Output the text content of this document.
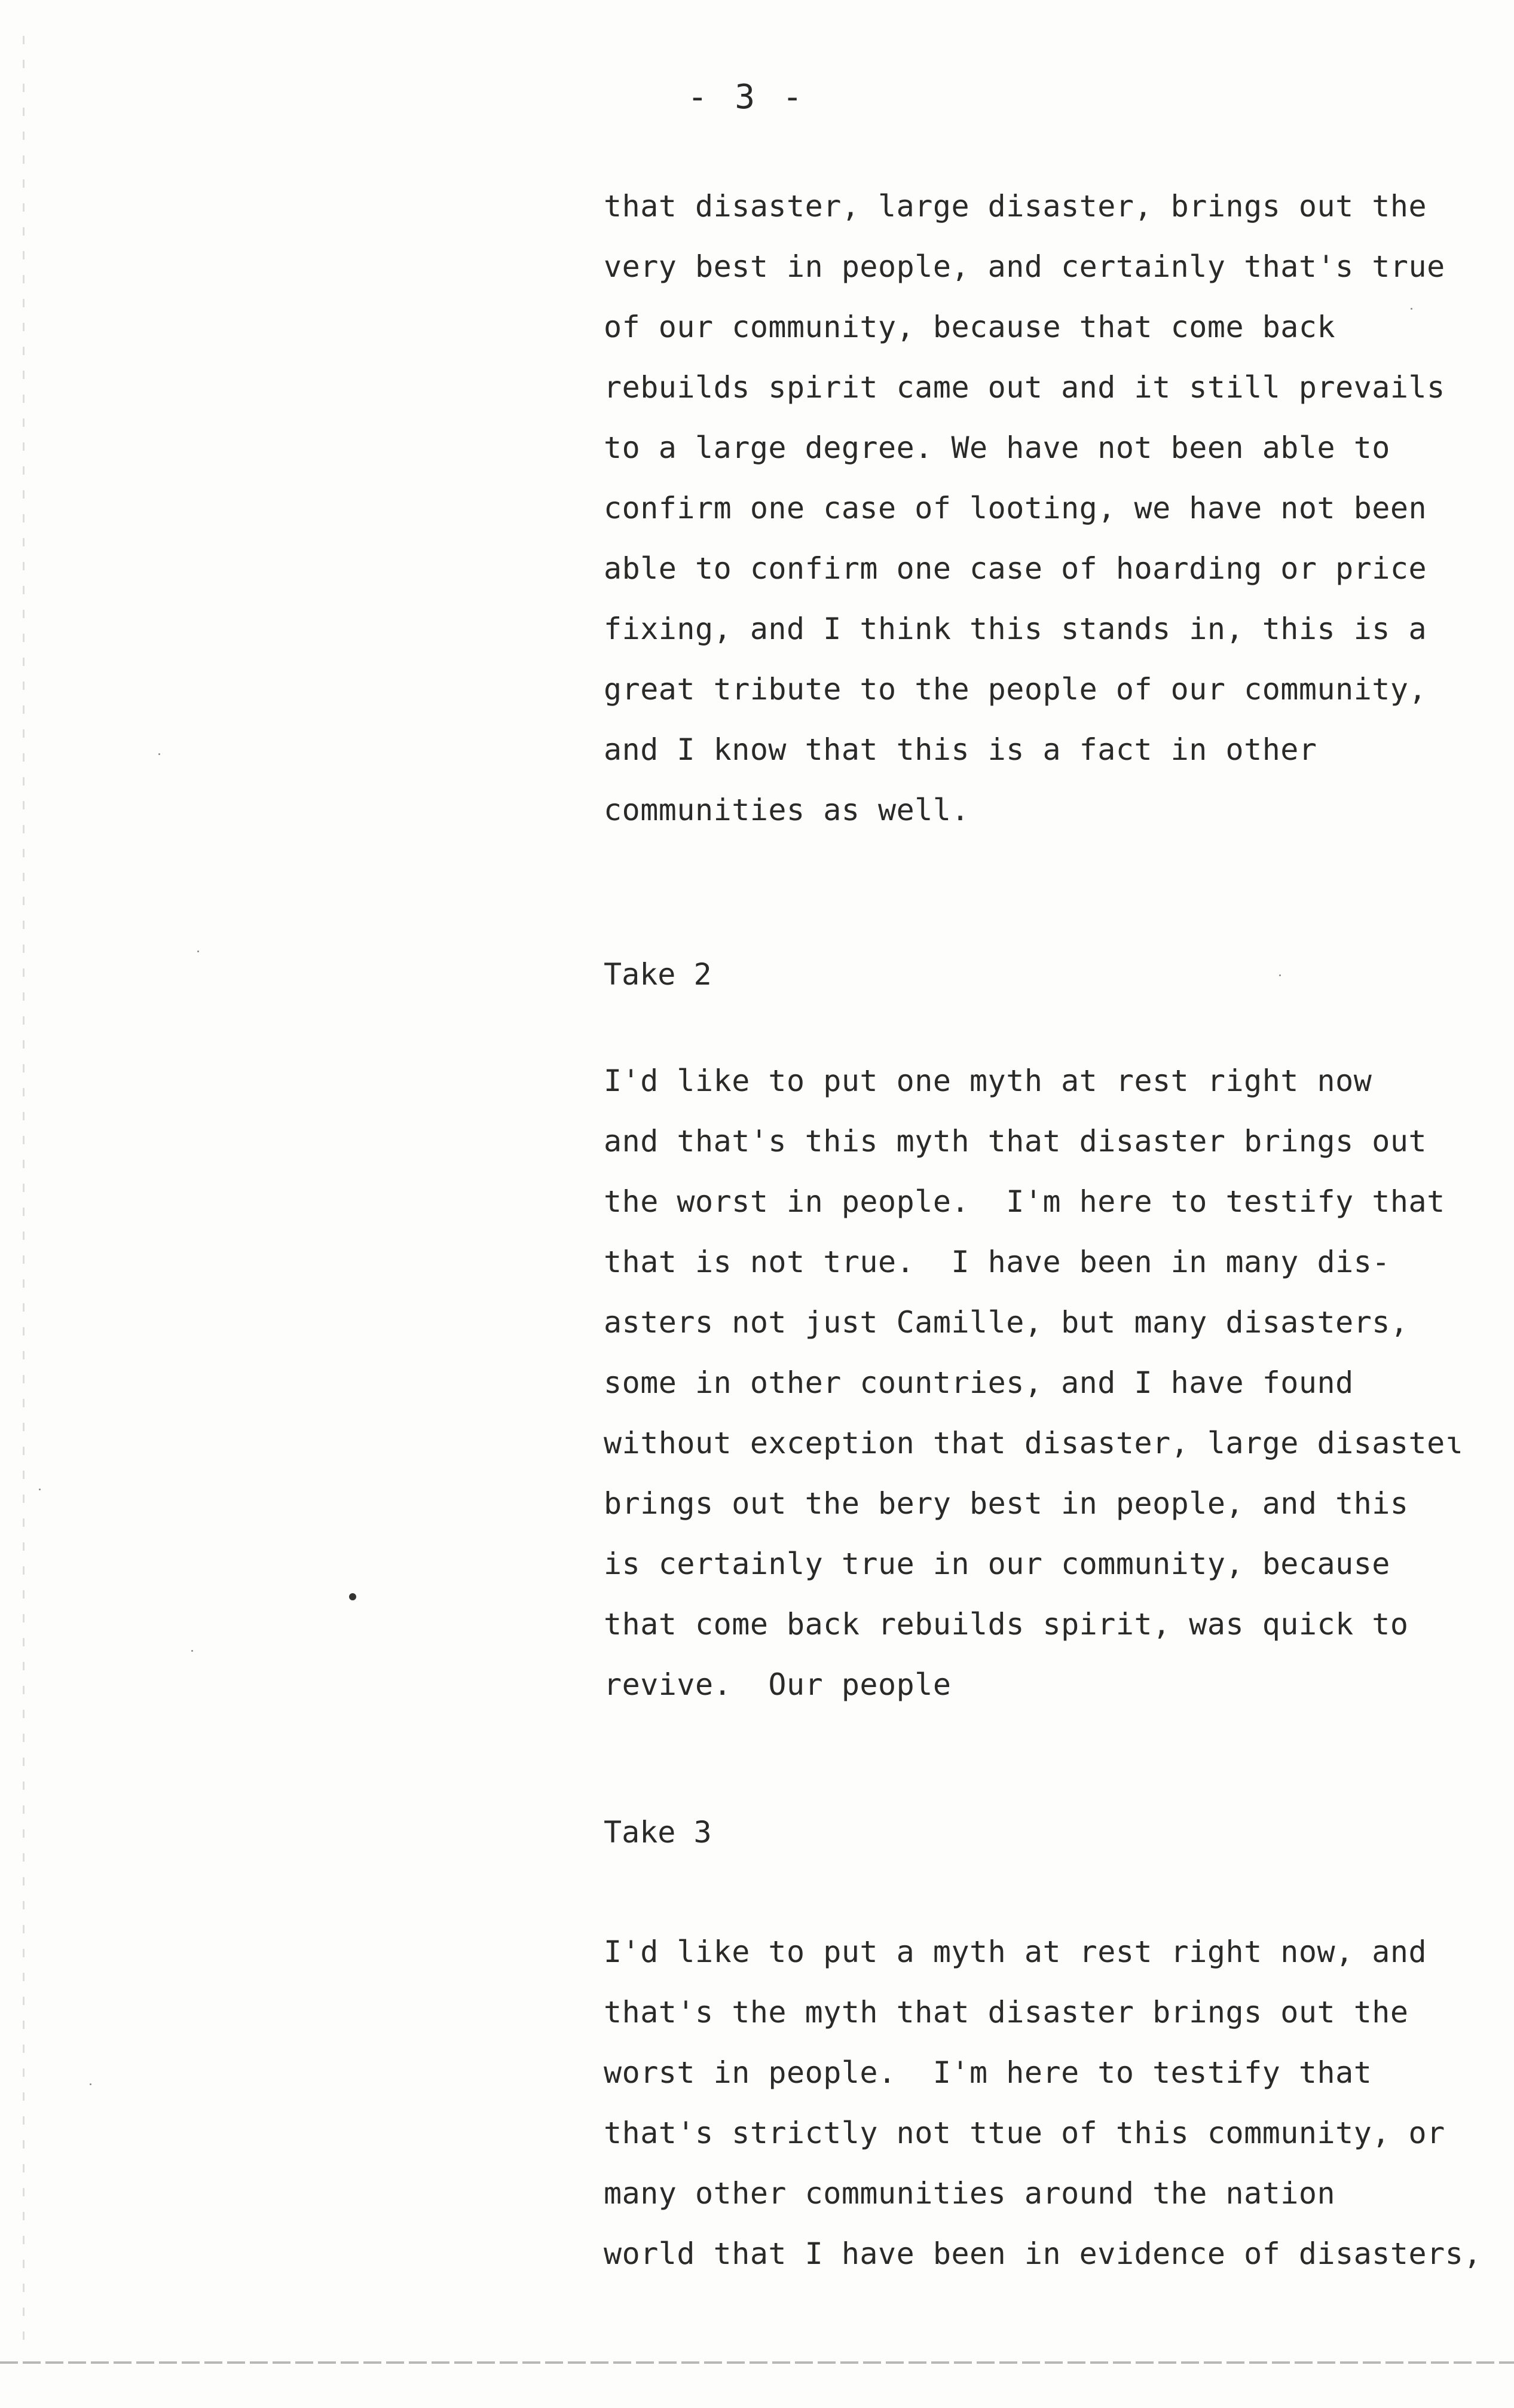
- 3 -
that disaster, large disaster, brings out the
very best in people, and certainly that's true
of our community, because that come back
rebuilds spirit came out and it still prevails
to a large degree. We have not been able to
confirm one case of looting, we have not been
able to confirm one case of hoarding or price
fixing, and I think this stands in, this is a
great tribute to the people of our community,
and I know that this is a fact in other
communities as well.
Take 2
I'd like to put one myth at rest right now
and that's this myth that disaster brings out
the worst in people.  I'm here to testify that
that is not true.  I have been in many dis-
asters not just Camille, but many disasters,
some in other countries, and I have found
without exception that disaster, large disasteɩ
brings out the bery best in people, and this
is certainly true in our community, because
that come back rebuilds spirit, was quick to
revive.  Our people
Take 3
I'd like to put a myth at rest right now, and
that's the myth that disaster brings out the
worst in people.  I'm here to testify that
that's strictly not ttue of this community, or
many other communities around the nation
world that I have been in evidence of disasters,
